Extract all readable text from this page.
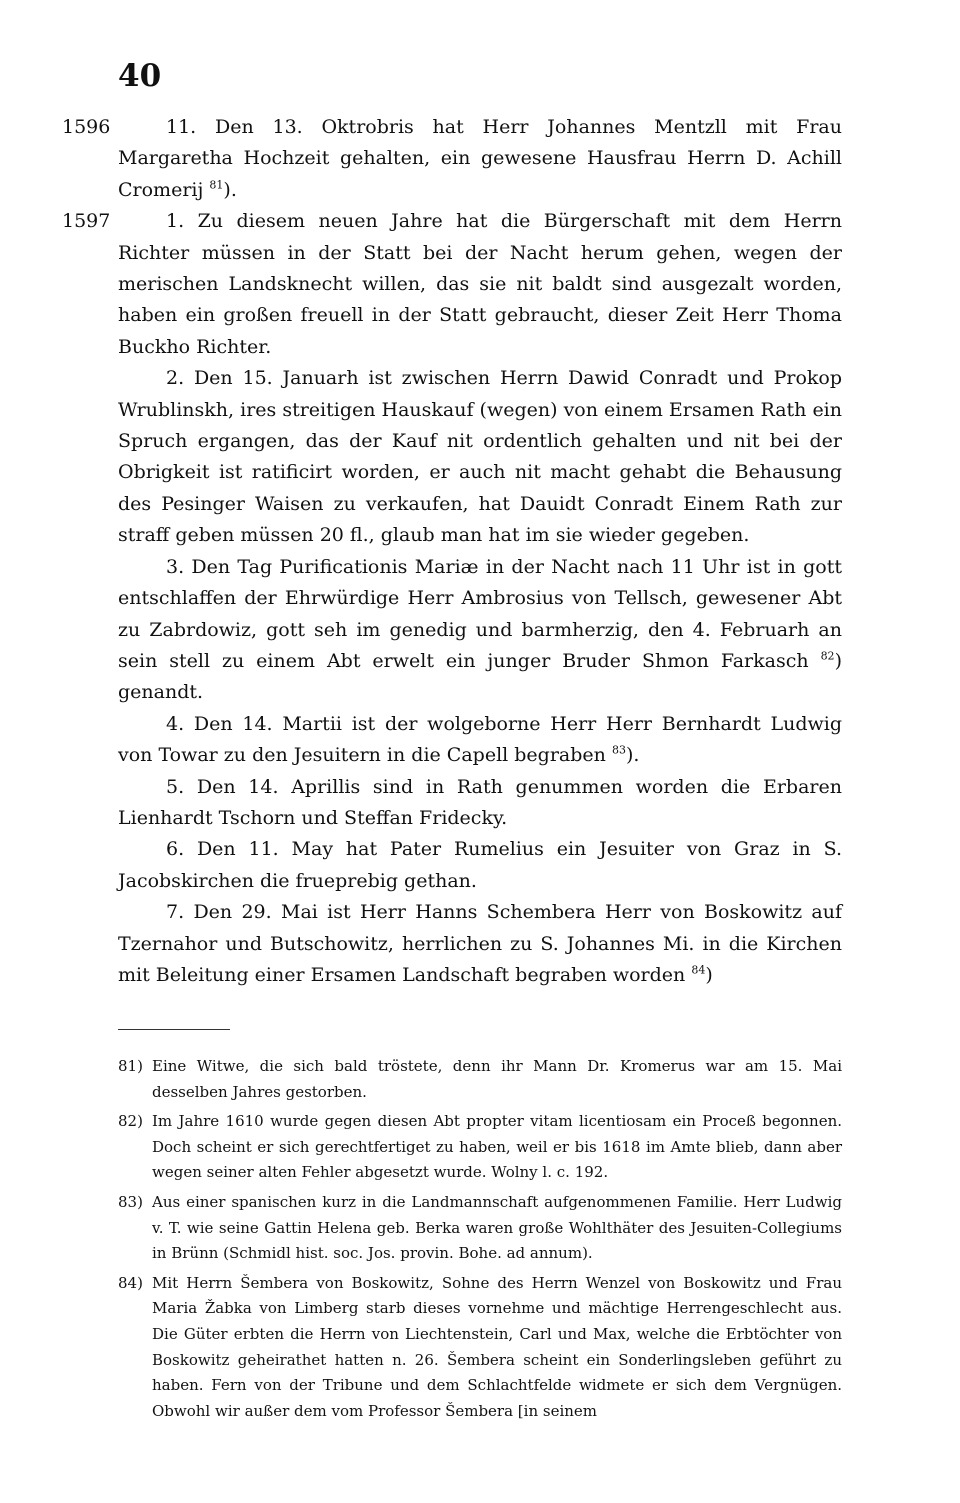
40
1596
1597

11. Den 13. Oktrobris hat Herr Johannes Mentzll mit Frau Margaretha Hochzeit gehalten, ein gewesene Hausfrau Herrn D. Achill Cromerij $^{81}$).

1. Zu diesem neuen Jahre hat die Bürgerschaft mit dem Herrn Richter müssen in der Statt bei der Nacht herum gehen, wegen der merischen Landsknecht willen, das sie nit baldt sind ausgezalt worden, haben ein großen freuell in der Statt gebraucht, dieser Zeit Herr Thoma Buckho Richter.

2. Den 15. Januarh ist zwischen Herrn Dawid Conradt und Prokop Wrublinskh, ires streitigen Hauskauf (wegen) von einem Ersamen Rath ein Spruch ergangen, das der Kauf nit ordentlich gehalten und nit bei der Obrigkeit ist ratificirt worden, er auch nit macht gehabt die Behausung des Pesinger Waisen zu verkaufen, hat Dauidt Conradt Einem Rath zur straff geben müssen 20 fl., glaub man hat im sie wieder gegeben.

3. Den Tag Purificationis Mariæ in der Nacht nach 11 Uhr ist in gott entschlaffen der Ehrwürdige Herr Ambrosius von Tellsch, gewesener Abt zu Zabrdowiz, gott seh im genedig und barmherzig, den 4. Februarh an sein stell zu einem Abt erwelt ein junger Bruder Shmon Farkasch $^{82}$) genandt.

4. Den 14. Martii ist der wolgeborne Herr Herr Bernhardt Ludwig von Towar zu den Jesuitern in die Capell begraben $^{83}$).

5. Den 14. Aprillis sind in Rath genummen worden die Erbaren Lienhardt Tschorn und Steffan Fridecky.

6. Den 11. May hat Pater Rumelius ein Jesuiter von Graz in S. Jacobskirchen die frueprebig gethan.

7. Den 29. Mai ist Herr Hanns Schembera Herr von Boskowitz auf Tzernahor und Butschowitz, herrlichen zu S. Johannes Mi. in die Kirchen mit Beleitung einer Ersamen Landschaft begraben worden $^{84}$)

81) Eine Witwe, die sich bald tröstete, denn ihr Mann Dr. Kromerus war am 15. Mai desselben Jahres gestorben.

82) Im Jahre 1610 wurde gegen diesen Abt propter vitam licentiosam ein Proceß begonnen. Doch scheint er sich gerechtfertiget zu haben, weil er bis 1618 im Amte blieb, dann aber wegen seiner alten Fehler abgesetzt wurde. Wolny l. c. 192.

83) Aus einer spanischen kurz in die Landmannschaft aufgenommenen Familie. Herr Ludwig v. T. wie seine Gattin Helena geb. Berka waren große Wohlthäter des Jesuiten-Collegiums in Brünn (Schmidl hist. soc. Jos. provin. Bohe. ad annum).

84) Mit Herrn Šembera von Boskowitz, Sohne des Herrn Wenzel von Boskowitz und Frau Maria Žabka von Limberg starb dieses vornehme und mächtige Herrengeschlecht aus. Die Güter erbten die Herrn von Liechtenstein, Carl und Max, welche die Erbtöchter von Boskowitz geheirathet hatten n. 26. Šembera scheint ein Sonderlingsleben geführt zu haben. Fern von der Tribune und dem Schlachtfelde widmete er sich dem Vergnügen. Obwohl wir außer dem vom Professor Šembera [in seinem
